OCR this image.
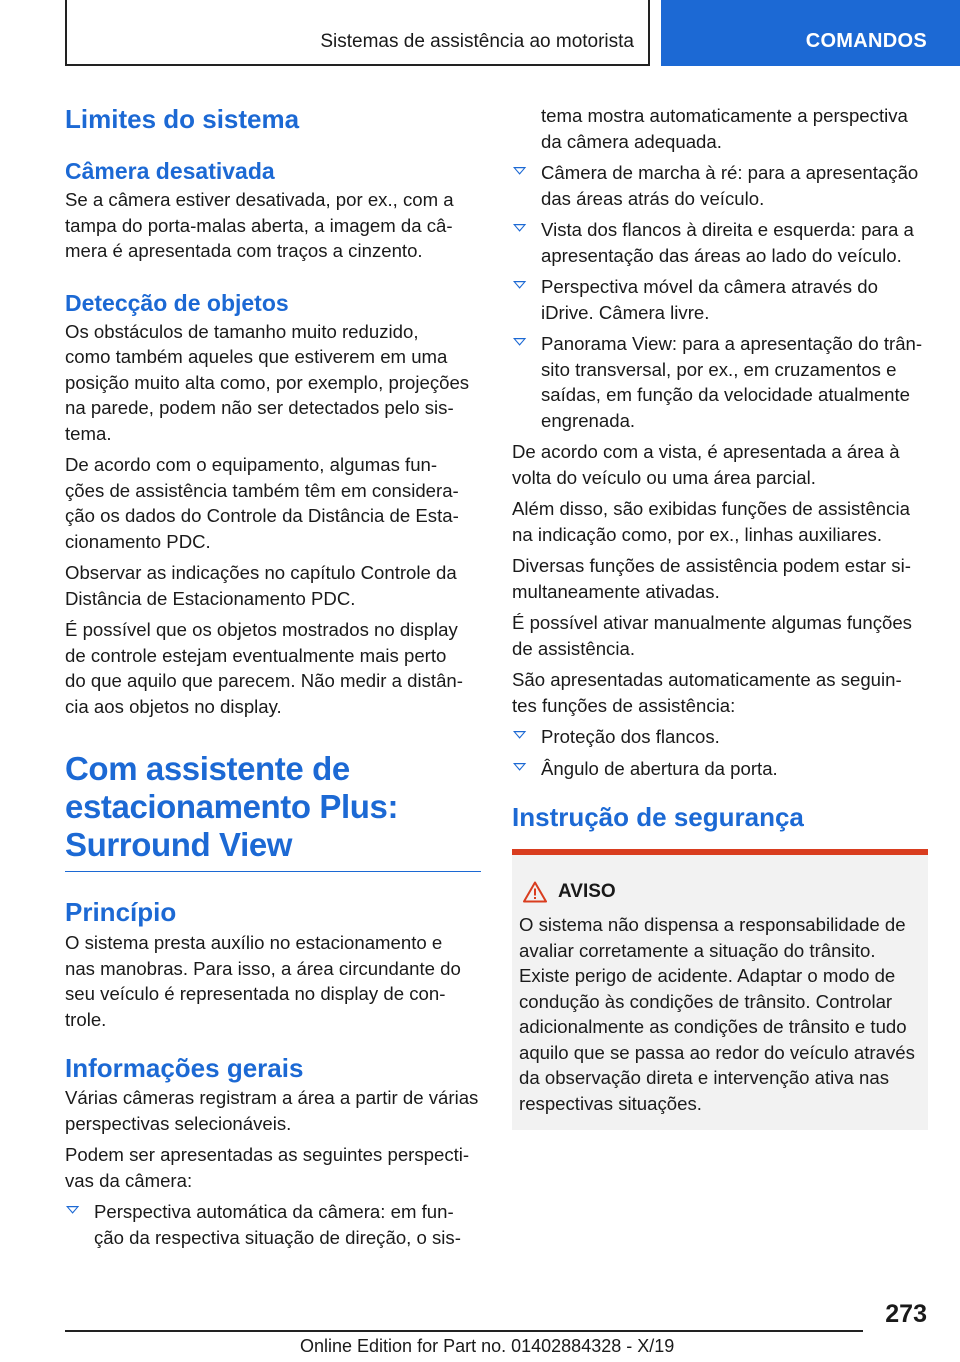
Sistemas de assistência ao motorista	COMANDOS
Limites do sistema
Câmera desativada
Se a câmera estiver desativada, por ex., com a
tampa do porta-malas aberta, a imagem da câ-
mera é apresentada com traços a cinzento.
Detecção de objetos
Os obstáculos de tamanho muito reduzido,
como também aqueles que estiverem em uma
posição muito alta como, por exemplo, projeções
na parede, podem não ser detectados pelo sis-
tema.
De acordo com o equipamento, algumas fun-
ções de assistência também têm em considera-
ção os dados do Controle da Distância de Esta-
cionamento PDC.
Observar as indicações no capítulo Controle da
Distância de Estacionamento PDC.
É possível que os objetos mostrados no display
de controle estejam eventualmente mais perto
do que aquilo que parecem. Não medir a distân-
cia aos objetos no display.
Com assistente de
estacionamento Plus:
Surround View
Princípio
O sistema presta auxílio no estacionamento e
nas manobras. Para isso, a área circundante do
seu veículo é representada no display de con-
trole.
Informações gerais
Várias câmeras registram a área a partir de várias
perspectivas selecionáveis.
Podem ser apresentadas as seguintes perspecti-
vas da câmera:
Perspectiva automática da câmera: em fun-
ção da respectiva situação de direção, o sis-
tema mostra automaticamente a perspectiva
da câmera adequada.
Câmera de marcha à ré: para a apresentação
das áreas atrás do veículo.
Vista dos flancos à direita e esquerda: para a
apresentação das áreas ao lado do veículo.
Perspectiva móvel da câmera através do
iDrive. Câmera livre.
Panorama View: para a apresentação do trân-
sito transversal, por ex., em cruzamentos e
saídas, em função da velocidade atualmente
engrenada.
De acordo com a vista, é apresentada a área à
volta do veículo ou uma área parcial.
Além disso, são exibidas funções de assistência
na indicação como, por ex., linhas auxiliares.
Diversas funções de assistência podem estar si-
multaneamente ativadas.
É possível ativar manualmente algumas funções
de assistência.
São apresentadas automaticamente as seguin-
tes funções de assistência:
Proteção dos flancos.
Ângulo de abertura da porta.
Instrução de segurança
AVISO
O sistema não dispensa a responsabilidade de
avaliar corretamente a situação do trânsito.
Existe perigo de acidente. Adaptar o modo de
condução às condições de trânsito. Controlar
adicionalmente as condições de trânsito e tudo
aquilo que se passa ao redor do veículo através
da observação direta e intervenção ativa nas
respectivas situações.
273
Online Edition for Part no. 01402884328 - X/19
